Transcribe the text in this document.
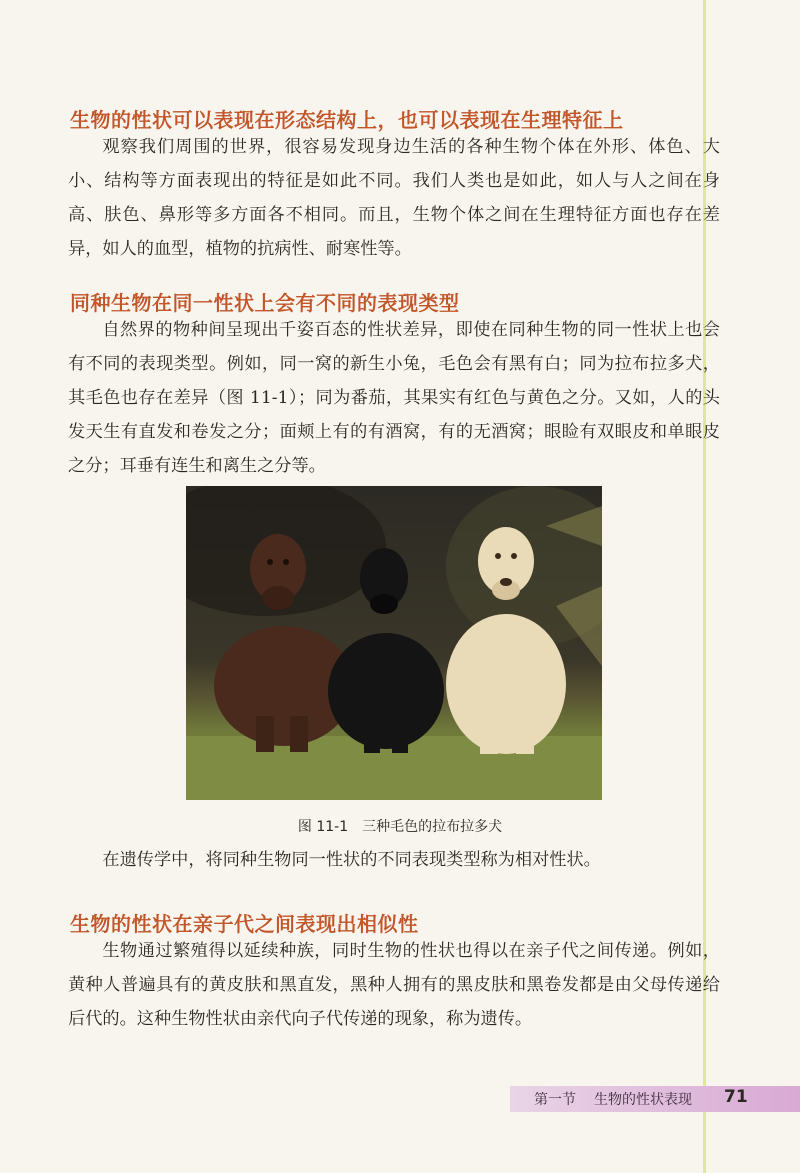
生物的性状可以表现在形态结构上，也可以表现在生理特征上

观察我们周围的世界，很容易发现身边生活的各种生物个体在外形、体色、大小、结构等方面表现出的特征是如此不同。我们人类也是如此，如人与人之间在身高、肤色、鼻形等多方面各不相同。而且，生物个体之间在生理特征方面也存在差异，如人的血型，植物的抗病性、耐寒性等。

同种生物在同一性状上会有不同的表现类型

自然界的物种间呈现出千姿百态的性状差异，即使在同种生物的同一性状上也会有不同的表现类型。例如，同一窝的新生小兔，毛色会有黑有白；同为拉布拉多犬，其毛色也存在差异（图 11-1）；同为番茄，其果实有红色与黄色之分。又如，人的头发天生有直发和卷发之分；面颊上有的有酒窝，有的无酒窝；眼睑有双眼皮和单眼皮之分；耳垂有连生和离生之分等。

图 11-1 三种毛色的拉布拉多犬

在遗传学中，将同种生物同一性状的不同表现类型称为相对性状。

生物的性状在亲子代之间表现出相似性

生物通过繁殖得以延续种族，同时生物的性状也得以在亲子代之间传递。例如，黄种人普遍具有的黄皮肤和黑直发，黑种人拥有的黑皮肤和黑卷发都是由父母传递给后代的。这种生物性状由亲代向子代传递的现象，称为遗传。

第一节 生物的性状表现 71
